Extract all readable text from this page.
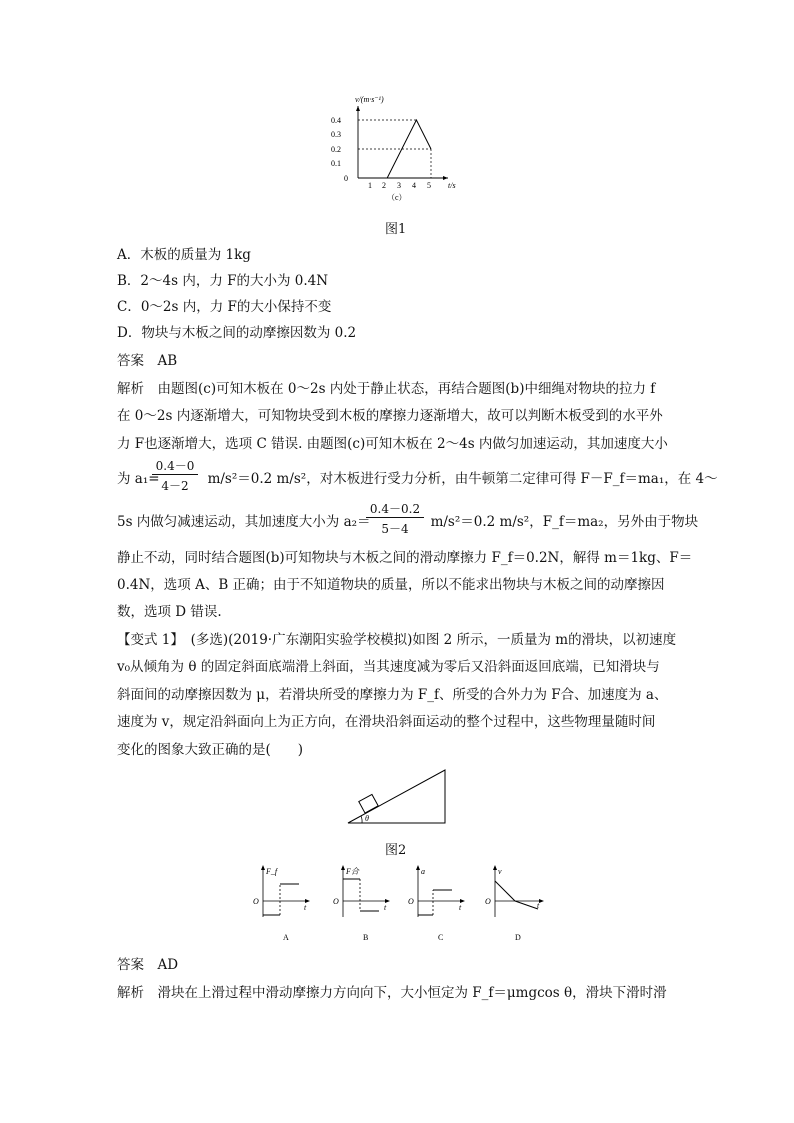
0.4
0.3
0.2
0.1
0
1 2 3 4 5
v/(m·s⁻¹)
t/s
（c）
图1
A．木板的质量为 1kg
B．2～4s 内，力 F的大小为 0.4N
C．0～2s 内，力 F的大小保持不变
D．物块与木板之间的动摩擦因数为 0.2
答案　AB
解析　由题图(c)可知木板在 0～2s 内处于静止状态，再结合题图(b)中细绳对物块的拉力 f
在 0～2s 内逐渐增大，可知物块受到木板的摩擦力逐渐增大，故可以判断木板受到的水平外
力 F也逐渐增大，选项 C 错误. 由题图(c)可知木板在 2～4s 内做匀加速运动，其加速度大小
为 a₁=	m/s²＝0.2 m/s²，对木板进行受力分析，由牛顿第二定律可得 F－F_f＝ma₁，在 4～
0.4－0
4－2
5s 内做匀减速运动，其加速度大小为 a₂＝	m/s²＝0.2 m/s²，F_f＝ma₂，另外由于物块
0.4－0.2
5－4
静止不动，同时结合题图(b)可知物块与木板之间的滑动摩擦力 F_f＝0.2N，解得 m＝1kg、F＝
0.4N，选项 A、B 正确；由于不知道物块的质量，所以不能求出物块与木板之间的动摩擦因
数，选项 D 错误.
【变式 1】　(多选)(2019·广东潮阳实验学校模拟)如图 2 所示，一质量为 m的滑块，以初速度
v₀从倾角为 θ 的固定斜面底端滑上斜面，当其速度减为零后又沿斜面返回底端，已知滑块与
斜面间的动摩擦因数为 μ，若滑块所受的摩擦力为 F_f、所受的合外力为 F合、加速度为 a、
速度为 v，规定沿斜面向上为正方向，在滑块沿斜面运动的整个过程中，这些物理量随时间
变化的图象大致正确的是(　　)
θ
图2
F_f
O
t
A
F合
O
t
B
a
O
t
C
v
O	t
D
答案　AD
解析　滑块在上滑过程中滑动摩擦力方向向下，大小恒定为 F_f＝μmgcos θ，滑块下滑时滑
